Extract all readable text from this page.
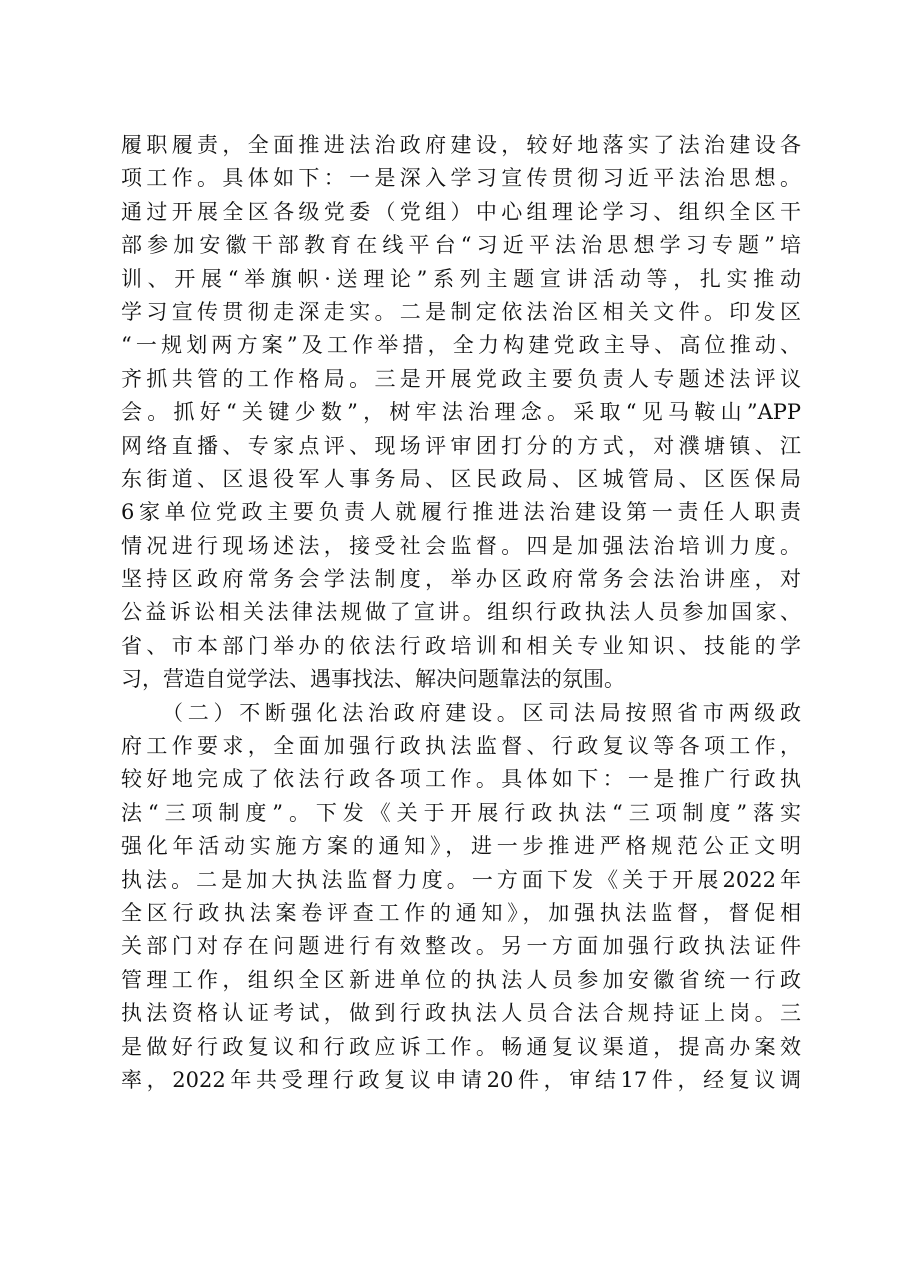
履职履责，全面推进法治政府建设，较好地落实了法治建设各
项工作。具体如下：一是深入学习宣传贯彻习近平法治思想。
通过开展全区各级党委（党组）中心组理论学习、组织全区干
部参加安徽干部教育在线平台“习近平法治思想学习专题”培
训、开展“举旗帜·送理论”系列主题宣讲活动等，扎实推动
学习宣传贯彻走深走实。二是制定依法治区相关文件。印发区
“一规划两方案”及工作举措，全力构建党政主导、高位推动、
齐抓共管的工作格局。三是开展党政主要负责人专题述法评议
会。抓好“关键少数”，树牢法治理念。采取“见马鞍山”APP
网络直播、专家点评、现场评审团打分的方式，对濮塘镇、江
东街道、区退役军人事务局、区民政局、区城管局、区医保局
6家单位党政主要负责人就履行推进法治建设第一责任人职责
情况进行现场述法，接受社会监督。四是加强法治培训力度。
坚持区政府常务会学法制度，举办区政府常务会法治讲座，对
公益诉讼相关法律法规做了宣讲。组织行政执法人员参加国家、
省、市本部门举办的依法行政培训和相关专业知识、技能的学
习，营造自觉学法、遇事找法、解决问题靠法的氛围。
　　（二）不断强化法治政府建设。区司法局按照省市两级政
府工作要求，全面加强行政执法监督、行政复议等各项工作，
较好地完成了依法行政各项工作。具体如下：一是推广行政执
法“三项制度”。下发《关于开展行政执法“三项制度”落实
强化年活动实施方案的通知》，进一步推进严格规范公正文明
执法。二是加大执法监督力度。一方面下发《关于开展2022年
全区行政执法案卷评查工作的通知》，加强执法监督，督促相
关部门对存在问题进行有效整改。另一方面加强行政执法证件
管理工作，组织全区新进单位的执法人员参加安徽省统一行政
执法资格认证考试，做到行政执法人员合法合规持证上岗。三
是做好行政复议和行政应诉工作。畅通复议渠道，提高办案效
率，2022年共受理行政复议申请20件，审结17件，经复议调
